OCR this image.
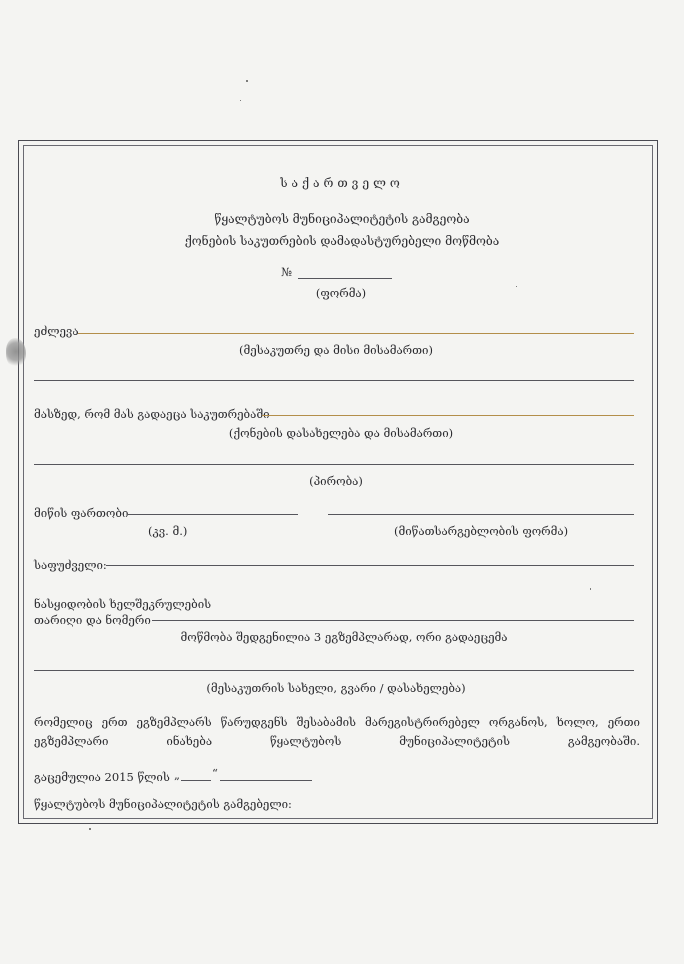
საქართველო
წყალტუბოს მუნიციპალიტეტის გამგეობა
ქონების საკუთრების დამადასტურებელი მოწმობა
№
(ფორმა)
ეძლევა
(მესაკუთრე და მისი მისამართი)
მასზედ, რომ მას გადაეცა საკუთრებაში
(ქონების დასახელება და მისამართი)
(პირობა)
მიწის ფართობი
(კვ. მ.)	(მიწათსარგებლობის ფორმა)
საფუძველი:
ნასყიდობის ხელშეკრულების
თარიღი და ნომერი
მოწმობა შედგენილია 3 ეგზემპლარად, ორი გადაეცემა
(მესაკუთრის სახელი, გვარი / დასახელება)
რომელიც ერთ ეგზემპლარს წარუდგენს შესაბამის მარეგისტრირებელ ორგანოს, ხოლო, ერთი ეგზემპლარი ინახება წყალტუბოს მუნიციპალიტეტის გამგეობაში.
გაცემულია 2015 წლის „	“
წყალტუბოს მუნიციპალიტეტის გამგებელი:
